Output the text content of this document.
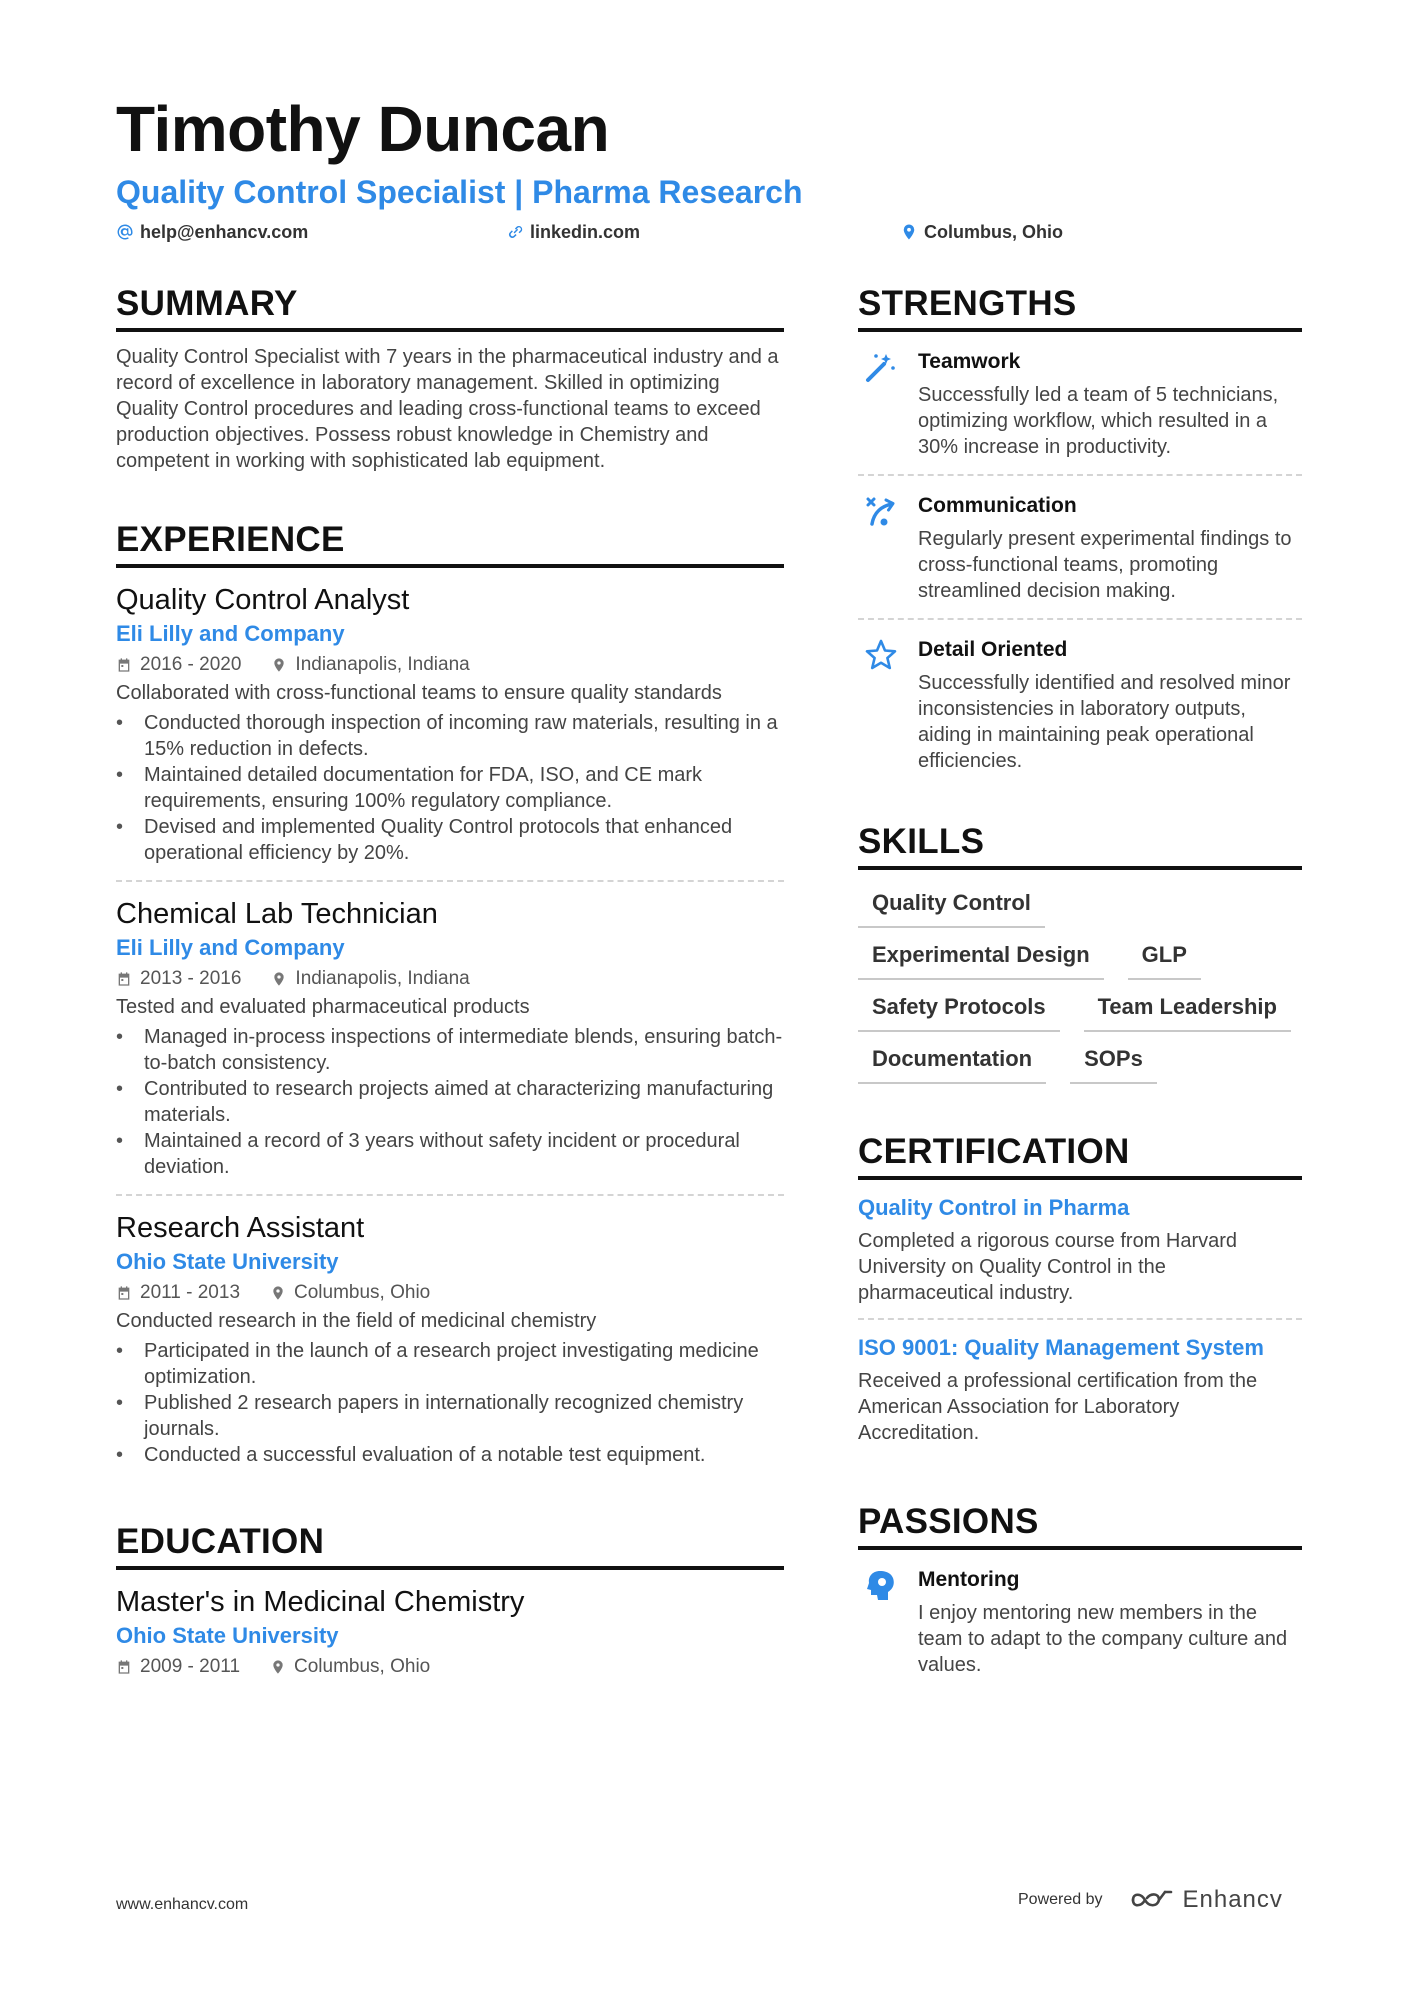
Timothy Duncan
Quality Control Specialist | Pharma Research
help@enhancv.com	linkedin.com	Columbus, Ohio
SUMMARY

Quality Control Specialist with 7 years in the pharmaceutical industry and a record of excellence in laboratory management. Skilled in optimizing Quality Control procedures and leading cross-functional teams to exceed production objectives. Possess robust knowledge in Chemistry and competent in working with sophisticated lab equipment.

EXPERIENCE
Quality Control Analyst
Eli Lilly and Company
2016 - 2020	Indianapolis, Indiana

Collaborated with cross-functional teams to ensure quality standards

• Conducted thorough inspection of incoming raw materials, resulting in a 15% reduction in defects.
• Maintained detailed documentation for FDA, ISO, and CE mark requirements, ensuring 100% regulatory compliance.
• Devised and implemented Quality Control protocols that enhanced operational efficiency by 20%.
Chemical Lab Technician
Eli Lilly and Company
2013 - 2016	Indianapolis, Indiana

Tested and evaluated pharmaceutical products

• Managed in-process inspections of intermediate blends, ensuring batch-to-batch consistency.
• Contributed to research projects aimed at characterizing manufacturing materials.
• Maintained a record of 3 years without safety incident or procedural deviation.
Research Assistant
Ohio State University
2011 - 2013	Columbus, Ohio

Conducted research in the field of medicinal chemistry

• Participated in the launch of a research project investigating medicine optimization.
• Published 2 research papers in internationally recognized chemistry journals.
• Conducted a successful evaluation of a notable test equipment.
EDUCATION
Master's in Medicinal Chemistry
Ohio State University
2009 - 2011	Columbus, Ohio
STRENGTHS
Teamwork

Successfully led a team of 5 technicians, optimizing workflow, which resulted in a 30% increase in productivity.

Communication

Regularly present experimental findings to cross-functional teams, promoting streamlined decision making.

Detail Oriented

Successfully identified and resolved minor inconsistencies in laboratory outputs, aiding in maintaining peak operational efficiencies.

SKILLS
Quality Control
Experimental Design	GLP
Safety Protocols	Team Leadership
Documentation	SOPs
CERTIFICATION
Quality Control in Pharma

Completed a rigorous course from Harvard University on Quality Control in the pharmaceutical industry.

ISO 9001: Quality Management System

Received a professional certification from the American Association for Laboratory Accreditation.

PASSIONS
Mentoring

I enjoy mentoring new members in the team to adapt to the company culture and values.

www.enhancv.com	Powered by	Enhancv
